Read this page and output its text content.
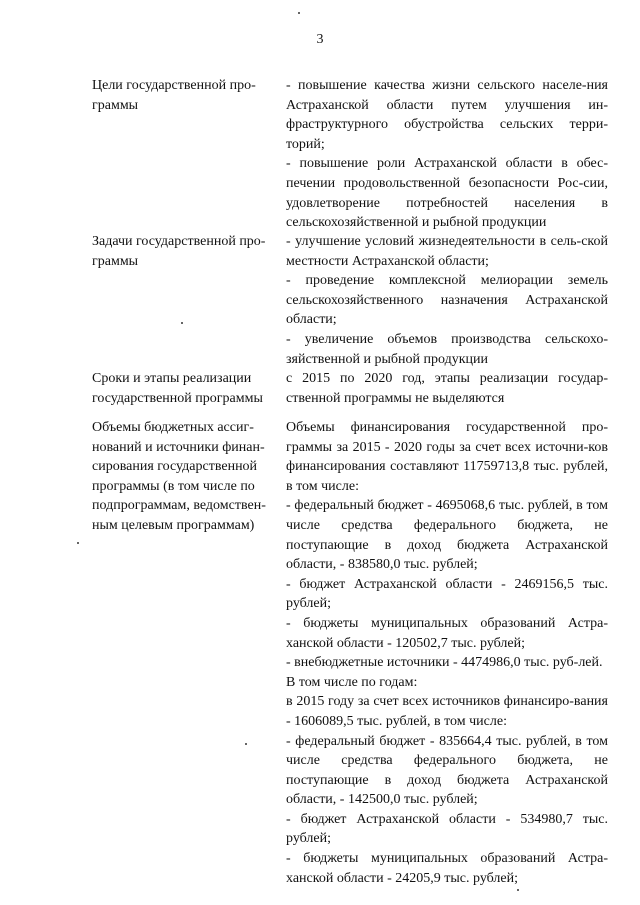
3
Цели государственной про-
граммы

- повышение качества жизни сельского населе-ния Астраханской области путем улучшения ин-фраструктурного обустройства сельских терри-торий;

- повышение роли Астраханской области в обес-печении продовольственной безопасности Рос-сии, удовлетворение потребностей населения в сельскохозяйственной и рыбной продукции

Задачи государственной про-
граммы

- улучшение условий жизнедеятельности в сель-ской местности Астраханской области;

- проведение комплексной мелиорации земель сельскохозяйственного назначения Астраханской области;

- увеличение объемов производства сельскохо-зяйственной и рыбной продукции

Сроки и этапы реализации
государственной программы

с 2015 по 2020 год, этапы реализации государ-ственной программы не выделяются

Объемы бюджетных ассиг-
нований и источники финан-
сирования государственной
программы (в том числе по
подпрограммам, ведомствен-
ным целевым программам)

Объемы финансирования государственной про-граммы за 2015 - 2020 годы за счет всех источни-ков финансирования составляют 11759713,8 тыс. рублей, в том числе:

- федеральный бюджет - 4695068,6 тыс. рублей, в том числе средства федерального бюджета, не поступающие в доход бюджета Астраханской области, - 838580,0 тыс. рублей;

- бюджет Астраханской области - 2469156,5 тыс. рублей;

- бюджеты муниципальных образований Астра-ханской области - 120502,7 тыс. рублей;

- внебюджетные источники - 4474986,0 тыс. руб-лей.

В том числе по годам:

в 2015 году за счет всех источников финансиро-вания - 1606089,5 тыс. рублей, в том числе:

- федеральный бюджет - 835664,4 тыс. рублей, в том числе средства федерального бюджета, не поступающие в доход бюджета Астраханской области, - 142500,0 тыс. рублей;

- бюджет Астраханской области - 534980,7 тыс. рублей;

- бюджеты муниципальных образований Астра-ханской области - 24205,9 тыс. рублей;
